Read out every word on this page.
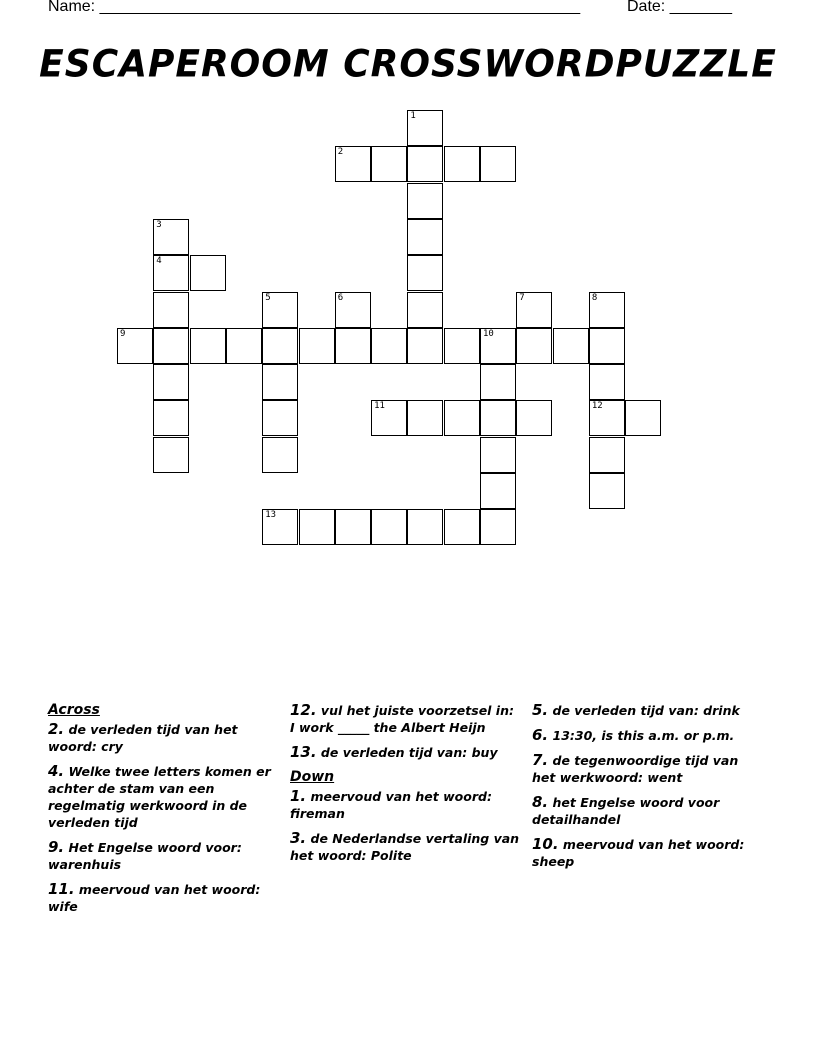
Name: ______________________________________________________	Date: _______
ESCAPEROOM CROSSWORDPUZZLE
1
2
3
4
5	6	7	8
9	10
11	12
13
Across
2. de verleden tijd van het woord: cry
4. Welke twee letters komen er achter de stam van een regelmatig werkwoord in de verleden tijd
9. Het Engelse woord voor: warenhuis
11. meervoud van het woord: wife
12. vul het juiste voorzetsel in: I work _____ the Albert Heijn
13. de verleden tijd van: buy
Down
1. meervoud van het woord: fireman
3. de Nederlandse vertaling van het woord: Polite
5. de verleden tijd van: drink
6. 13:30, is this a.m. or p.m.
7. de tegenwoordige tijd van het werkwoord: went
8. het Engelse woord voor detailhandel
10. meervoud van het woord: sheep
